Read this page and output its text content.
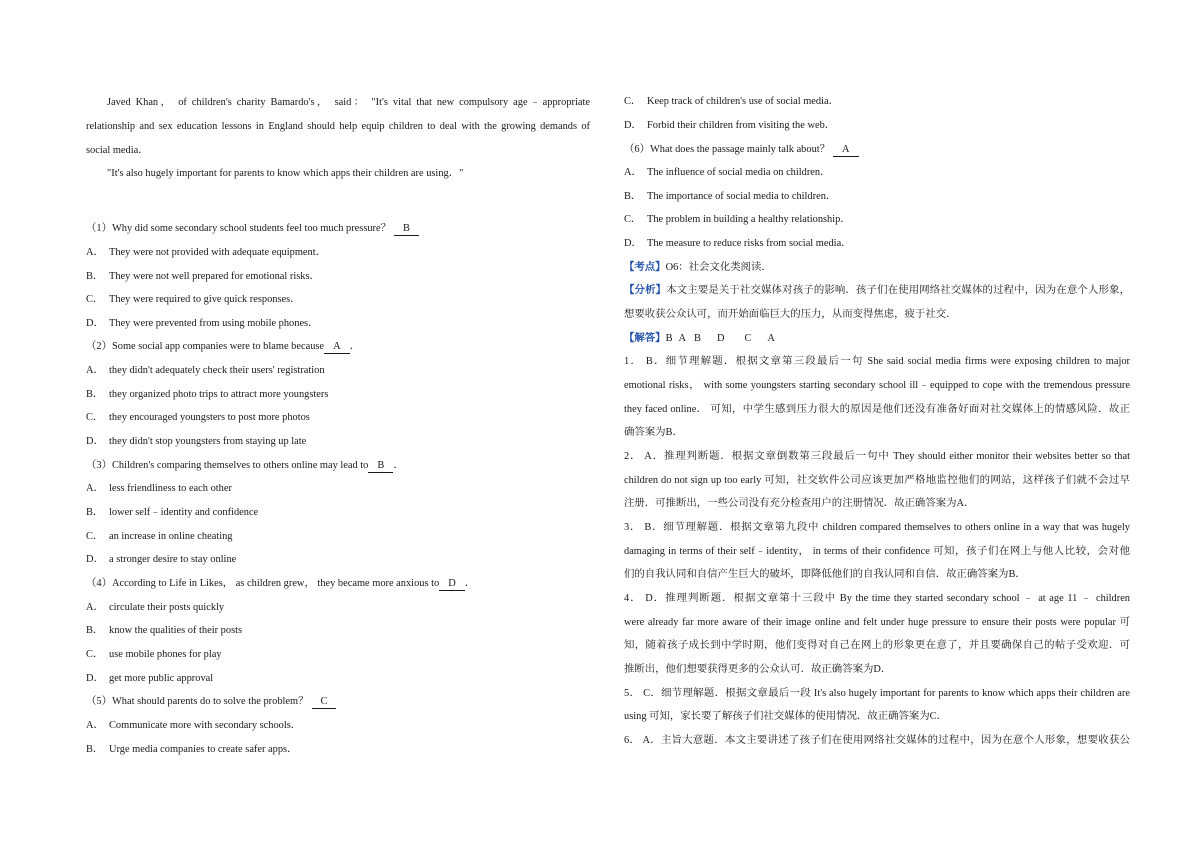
Javed Khan， of children's charity Bamardo's， said： "It's vital that new compulsory age﹣appropriate
relationship and sex education lessons in England should help equip children to deal with the growing demands of
social media．
"It's also hugely important for parents to know which apps their children are using．"
（1）Why did some secondary school students feel too much pressure？ B
A． They were not provided with adequate equipment．
B． They were not well prepared for emotional risks．
C． They were required to give quick responses．
D． They were prevented from using mobile phones．
（2）Some social app companies were to blame because A ．
A． they didn't adequately check their users' registration
B． they organized photo trips to attract more youngsters
C． they encouraged youngsters to post more photos
D． they didn't stop youngsters from staying up late
（3）Children's comparing themselves to others online may lead to B ．
A． less friendliness to each other
B． lower self﹣identity and confidence
C． an increase in online cheating
D． a stronger desire to stay online
（4）According to Life in Likes， as children grew， they became more anxious to D ．
A． circulate their posts quickly
B． know the qualities of their posts
C． use mobile phones for play
D． get more public approval
（5）What should parents do to solve the problem？ C
A． Communicate more with secondary schools．
B． Urge media companies to create safer apps．
C． Keep track of children's use of social media．
D． Forbid their children from visiting the web．
（6）What does the passage mainly talk about？ A
A． The influence of social media on children．
B． The importance of social media to children．
C． The problem in building a healthy relationship．
D． The measure to reduce risks from social media．
【考点】O6：社会文化类阅读．
【分析】本文主要是关于社交媒体对孩子的影响．孩子们在使用网络社交媒体的过程中，因为在意个人形象，
想要收获公众认可，而开始面临巨大的压力，从而变得焦虑，疲于社交．
【解答】B A B D C A
1． B．细节理解题．根据文章第三段最后一句 She said social media firms were exposing children to major
emotional risks， with some youngsters starting secondary school ill﹣equipped to cope with the tremendous pressure
they faced online． 可知，中学生感到压力很大的原因是他们还没有准备好面对社交媒体上的情感风险．故正
确答案为B．
2． A．推理判断题．根据文章倒数第三段最后一句中 They should either monitor their websites better so that
children do not sign up too early 可知，社交软件公司应该更加严格地监控他们的网站，这样孩子们就不会过早
注册．可推断出，一些公司没有充分检查用户的注册情况．故正确答案为A．
3． B．细节理解题．根据文章第九段中 children compared themselves to others online in a way that was hugely
damaging in terms of their self﹣identity， in terms of their confidence 可知，孩子们在网上与他人比较，会对他
们的自我认同和自信产生巨大的破坏，即降低他们的自我认同和自信．故正确答案为B．
4． D．推理判断题．根据文章第十三段中 By the time they started secondary school ﹣ at age 11 ﹣ children
were already far more aware of their image online and felt under huge pressure to ensure their posts were popular 可
知，随着孩子成长到中学时期，他们变得对自己在网上的形象更在意了，并且要确保自己的帖子受欢迎．可
推断出，他们想要获得更多的公众认可．故正确答案为D．
5． C．细节理解题．根据文章最后一段 It's also hugely important for parents to know which apps their children are
using 可知，家长要了解孩子们社交媒体的使用情况．故正确答案为C．
6． A．主旨大意题．本文主要讲述了孩子们在使用网络社交媒体的过程中，因为在意个人形象，想要收获公
